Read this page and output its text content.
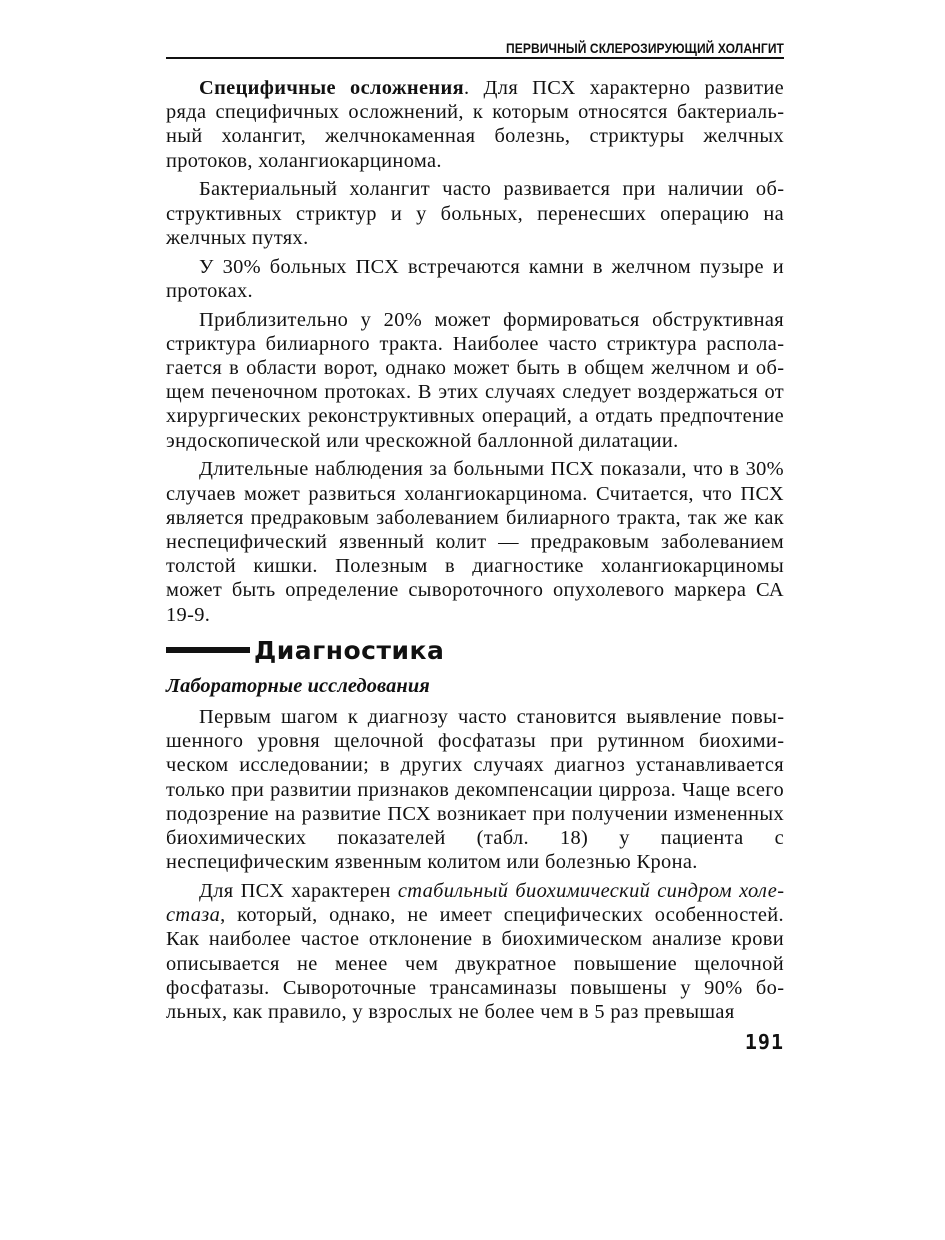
ПЕРВИЧНЫЙ СКЛЕРОЗИРУЮЩИЙ ХОЛАНГИТ

Специфичные осложнения. Для ПСХ характерно развитие ряда специфичных осложнений, к которым относятся бактериальный холангит, желчнокаменная болезнь, стриктуры желчных протоков, холангиокарцинома.

Бактериальный холангит часто развивается при наличии обструктивных стриктур и у больных, перенесших операцию на желчных путях.

У 30% больных ПСХ встречаются камни в желчном пузыре и протоках.

Приблизительно у 20% может формироваться обструктивная стриктура билиарного тракта. Наиболее часто стриктура располагается в области ворот, однако может быть в общем желчном и общем печеночном протоках. В этих случаях следует воздержаться от хирургических реконструктивных операций, а отдать предпочтение эндоскопической или чрескожной баллонной дилатации.

Длительные наблюдения за больными ПСХ показали, что в 30% случаев может развиться холангиокарцинома. Считается, что ПСХ является предраковым заболеванием билиарного тракта, так же как неспецифический язвенный колит — предраковым заболеванием толстой кишки. Полезным в диагностике холангиокарциномы может быть определение сывороточного опухолевого маркера СА 19-9.

Диагностика
Лабораторные исследования

Первым шагом к диагнозу часто становится выявление повышенного уровня щелочной фосфатазы при рутинном биохимическом исследовании; в других случаях диагноз устанавливается только при развитии признаков декомпенсации цирроза. Чаще всего подозрение на развитие ПСХ возникает при получении измененных биохимических показателей (табл. 18) у пациента с неспецифическим язвенным колитом или болезнью Крона.

Для ПСХ характерен стабильный биохимический синдром холестаза, который, однако, не имеет специфических особенностей. Как наиболее частое отклонение в биохимическом анализе крови описывается не менее чем двукратное повышение щелочной фосфатазы. Сывороточные трансаминазы повышены у 90% больных, как правило, у взрослых не более чем в 5 раз превышая

191
